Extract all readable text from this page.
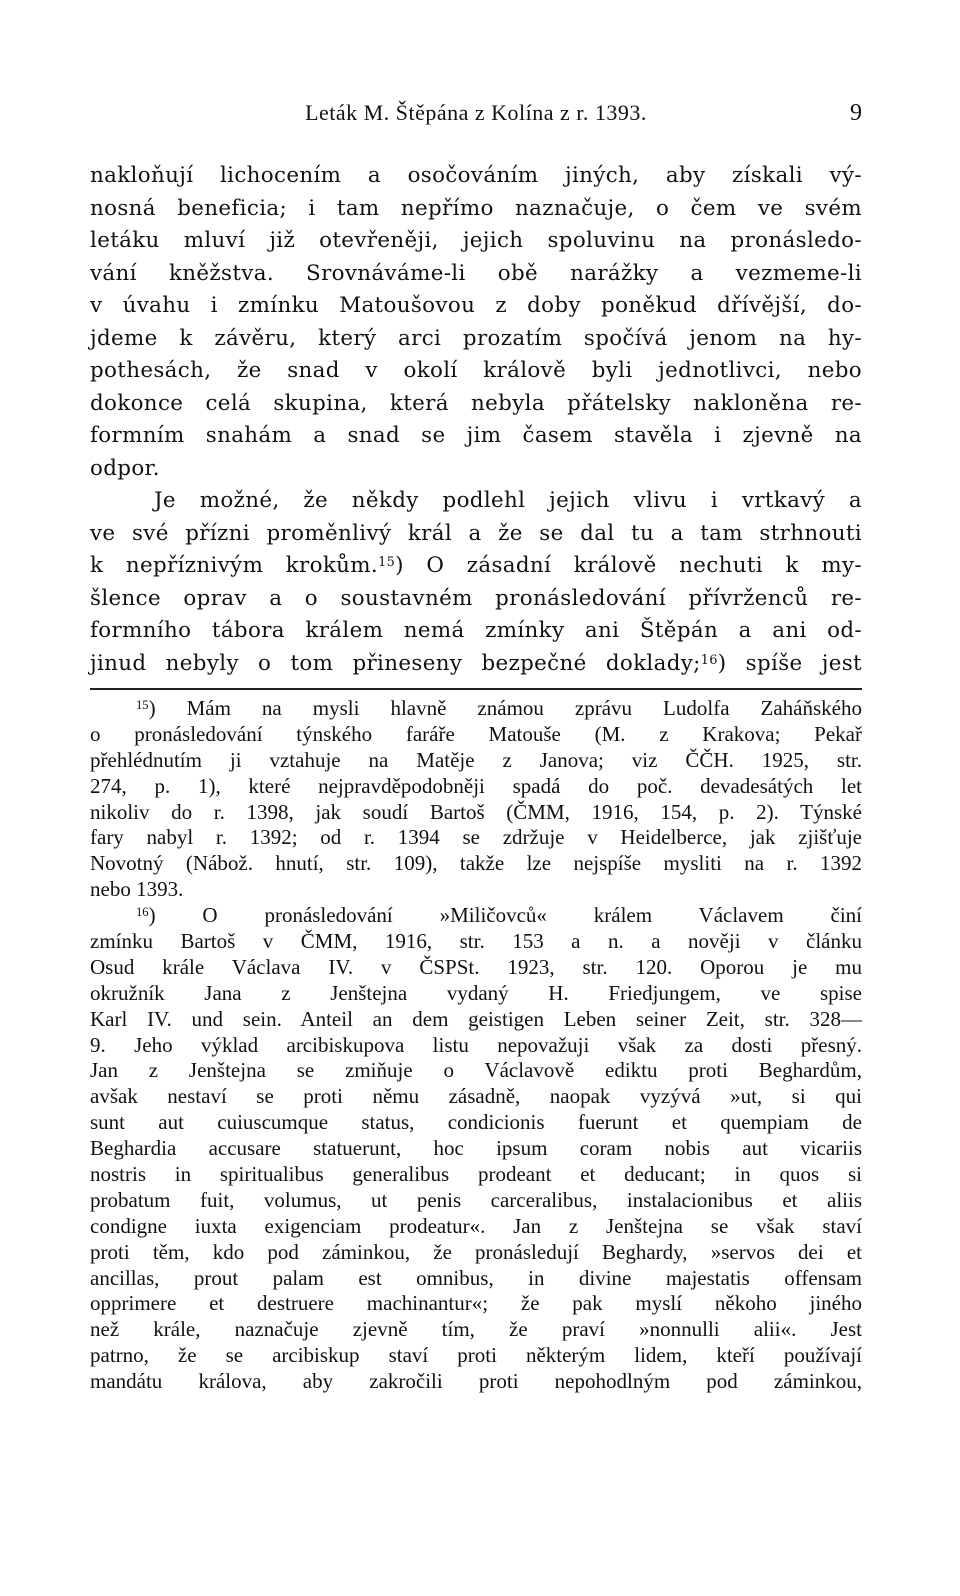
Leták M. Štěpána z Kolína z r. 1393.	9
nakloňují lichocením a osočováním jiných, aby získali vý-
nosná beneficia; i tam nepřímo naznačuje, o čem ve svém
letáku mluví již otevřeněji, jejich spoluvinu na pronásledo-
vání kněžstva. Srovnáváme-li obě narážky a vezmeme-li
v úvahu i zmínku Matoušovou z doby poněkud dřívější, do-
jdeme k závěru, který arci prozatím spočívá jenom na hy-
pothesách, že snad v okolí králově byli jednotlivci, nebo
dokonce celá skupina, která nebyla přátelsky nakloněna re-
formním snahám a snad se jim časem stavěla i zjevně na
odpor.
Je možné, že někdy podlehl jejich vlivu i vrtkavý a
ve své přízni proměnlivý král a že se dal tu a tam strhnouti
k nepříznivým krokům.$^{15}$) O zásadní králově nechuti k my-
šlence oprav a o soustavném pronásledování přívrženců re-
formního tábora králem nemá zmínky ani Štěpán a ani od-
jinud nebyly o tom přineseny bezpečné doklady;$^{16}$) spíše jest
$^{15}$) Mám na mysli hlavně známou zprávu Ludolfa Zaháňského
o pronásledování týnského faráře Matouše (M. z Krakova; Pekař
přehlédnutím ji vztahuje na Matěje z Janova; viz ČČH. 1925, str.
274, p. 1), které nejpravděpodobněji spadá do poč. devadesátých let
nikoliv do r. 1398, jak soudí Bartoš (ČMM, 1916, 154, p. 2). Týnské
fary nabyl r. 1392; od r. 1394 se zdržuje v Heidelberce, jak zjišťuje
Novotný (Nábož. hnutí, str. 109), takže lze nejspíše mysliti na r. 1392
nebo 1393.
$^{16}$) O pronásledování »Miličovců« králem Václavem činí
zmínku Bartoš v ČMM, 1916, str. 153 a n. a nověji v článku
Osud krále Václava IV. v ČSPSt. 1923, str. 120. Oporou je mu
okružník Jana z Jenštejna vydaný H. Friedjungem, ve spise
Karl IV. und sein. Anteil an dem geistigen Leben seiner Zeit, str. 328—
9. Jeho výklad arcibiskupova listu nepovažuji však za dosti přesný.
Jan z Jenštejna se zmiňuje o Václavově ediktu proti Beghardům,
avšak nestaví se proti němu zásadně, naopak vyzývá »ut, si qui
sunt aut cuiuscumque status, condicionis fuerunt et quempiam de
Beghardia accusare statuerunt, hoc ipsum coram nobis aut vicariis
nostris in spiritualibus generalibus prodeant et deducant; in quos si
probatum fuit, volumus, ut penis carceralibus, instalacionibus et aliis
condigne iuxta exigenciam prodeatur«. Jan z Jenštejna se však staví
proti těm, kdo pod záminkou, že pronásledují Beghardy, »servos dei et
ancillas, prout palam est omnibus, in divine majestatis offensam
opprimere et destruere machinantur«; že pak myslí někoho jiného
než krále, naznačuje zjevně tím, že praví »nonnulli alii«. Jest
patrno, že se arcibiskup staví proti některým lidem, kteří používají
mandátu králova, aby zakročili proti nepohodlným pod záminkou,
